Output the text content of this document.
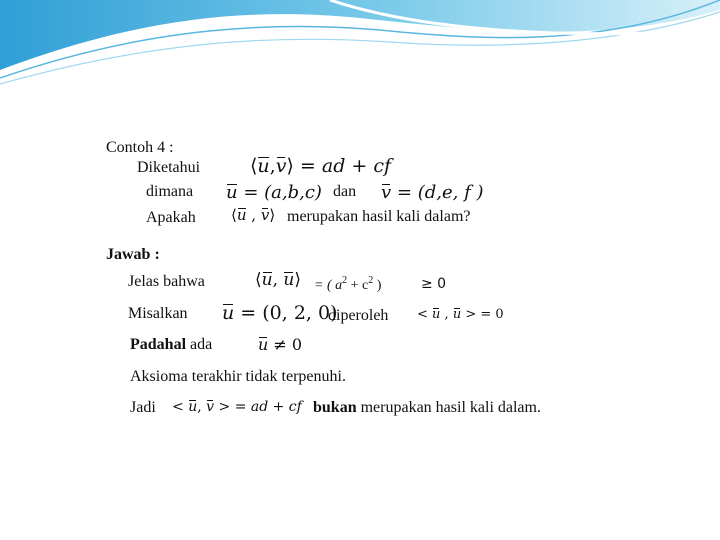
Contoh 4 :
Diketahui	⟨u,v⟩ = ad + cf
dimana u = (a,b,c) dan v = (d,e, f )
Apakah ⟨u , v⟩ merupakan hasil kali dalam?
Jawab :
Jelas bahwa	⟨u, u⟩ = ( $a^2 + c^2$ )	≥ 0
Misalkan u = (0, 2, 0)
diperoleh < u , u > = 0
Padahal ada	u ≠ 0
Aksioma terakhir tidak terpenuhi.
Jadi < u, v > = ad + cf bukan merupakan hasil kali dalam.
